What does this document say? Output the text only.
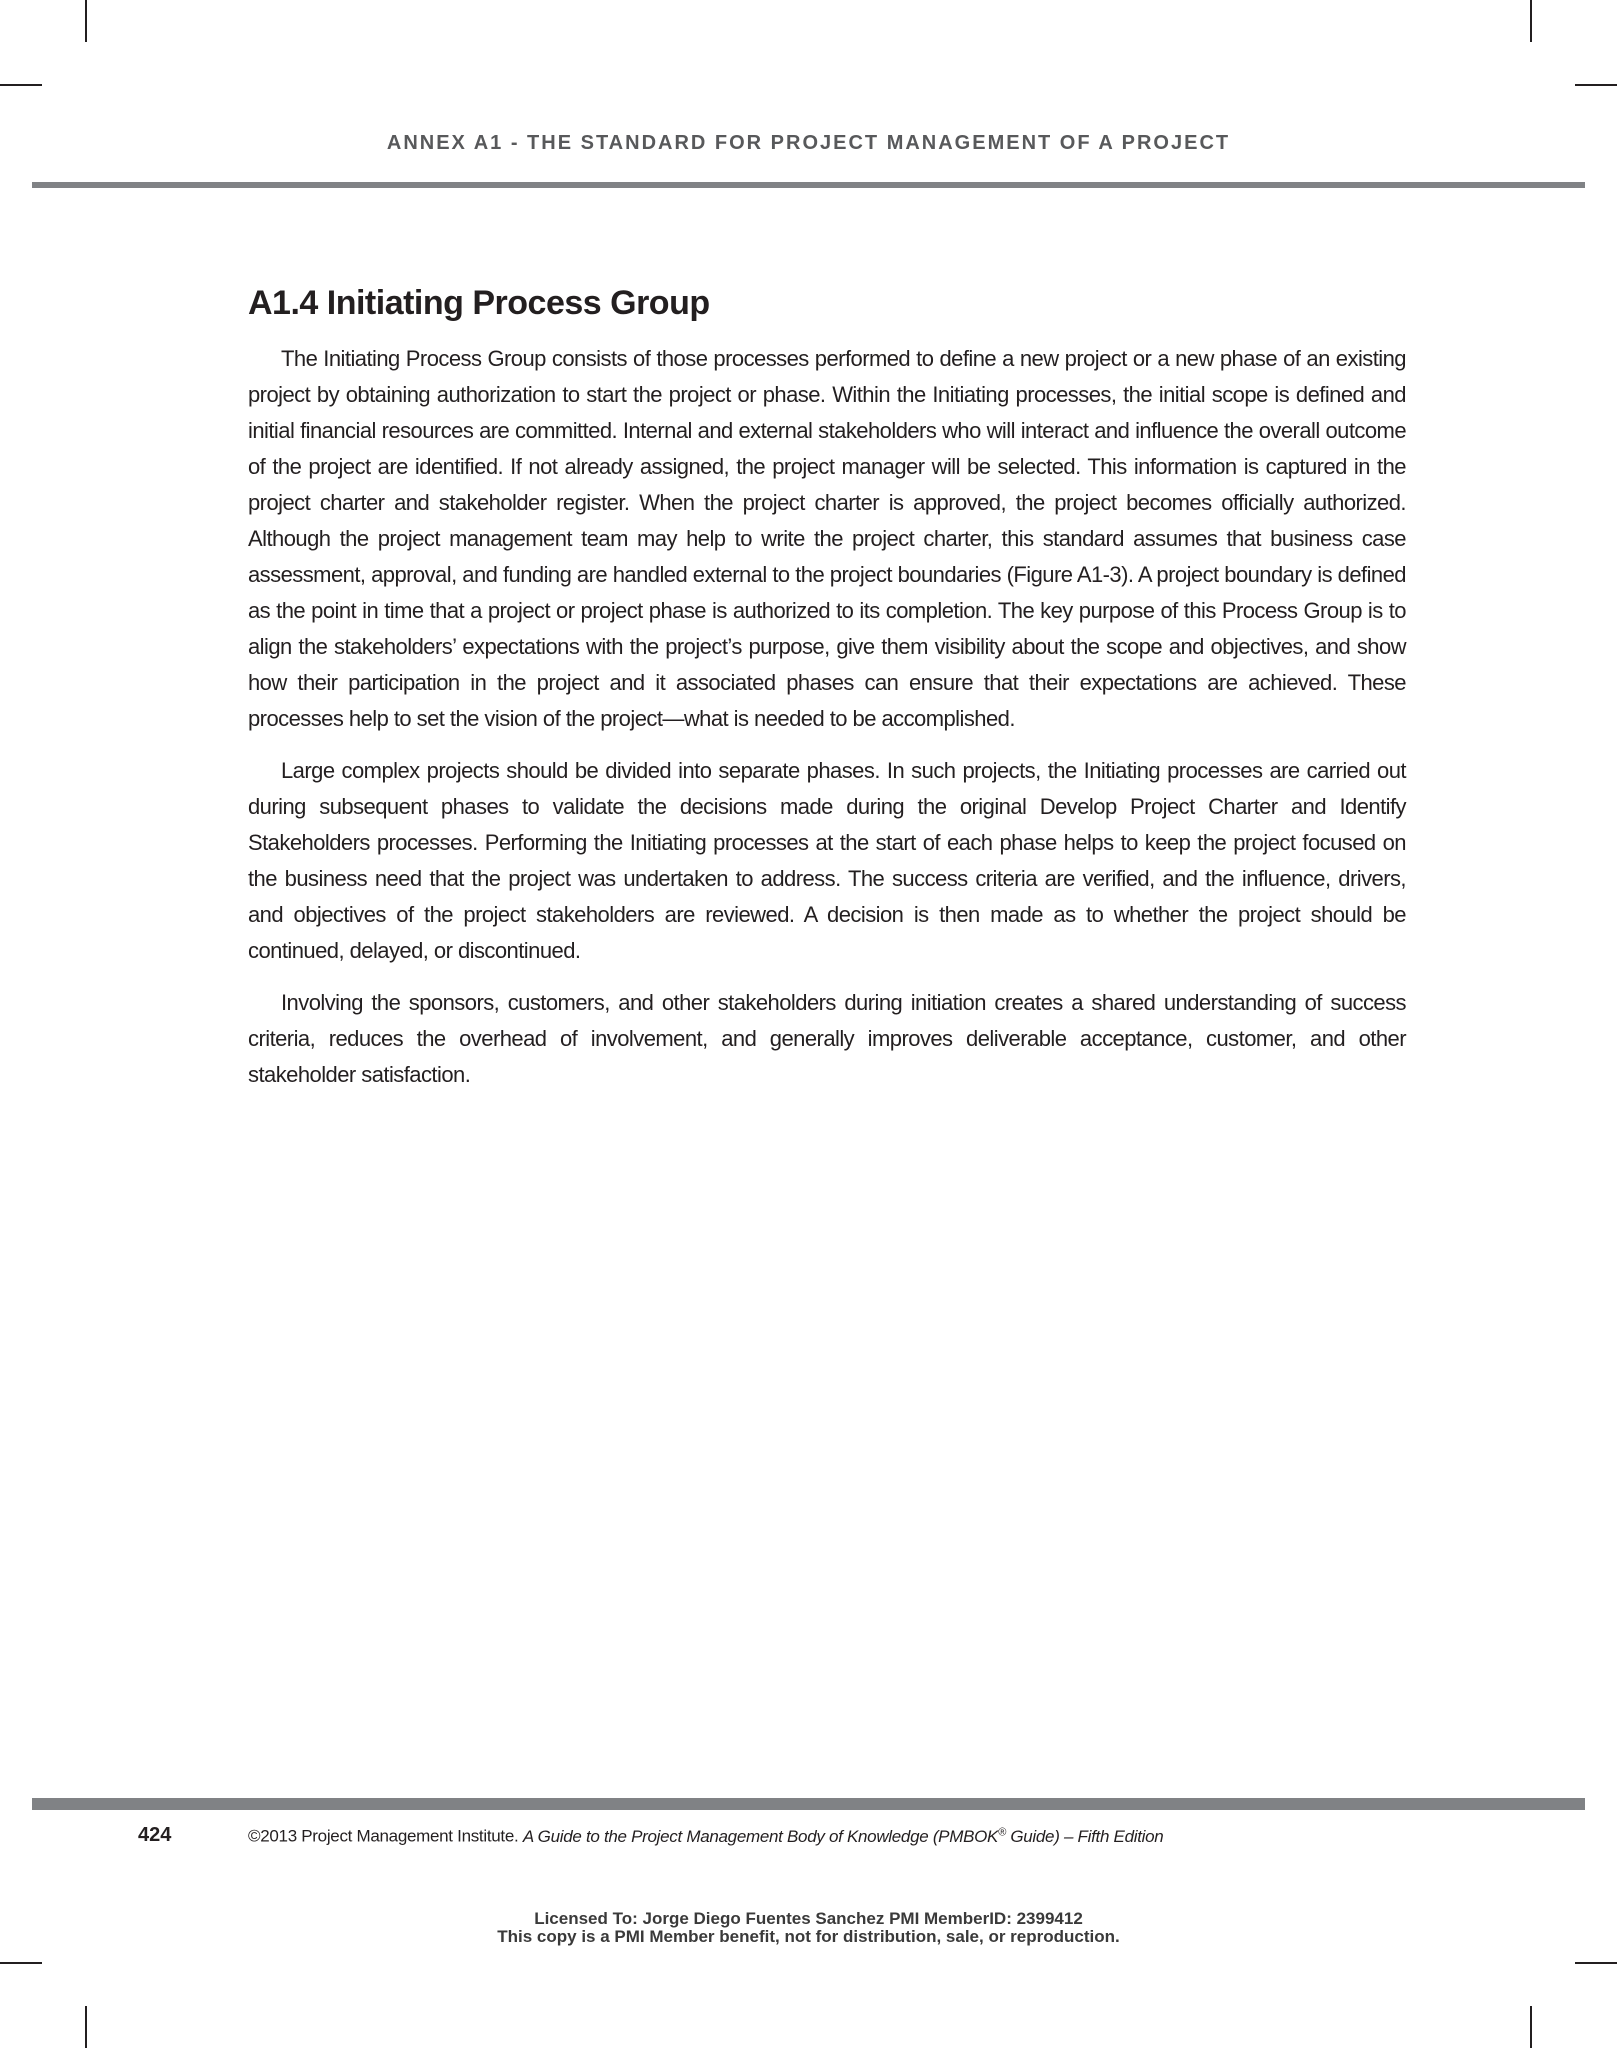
ANNEX A1 - THE STANDARD FOR PROJECT MANAGEMENT OF A PROJECT
A1.4 Initiating Process Group

The Initiating Process Group consists of those processes performed to define a new project or a new phase of an existing project by obtaining authorization to start the project or phase. Within the Initiating processes, the initial scope is defined and initial financial resources are committed. Internal and external stakeholders who will interact and influence the overall outcome of the project are identified. If not already assigned, the project manager will be selected. This information is captured in the project charter and stakeholder register. When the project charter is approved, the project becomes officially authorized. Although the project management team may help to write the project charter, this standard assumes that business case assessment, approval, and funding are handled external to the project boundaries (Figure A1-3). A project boundary is defined as the point in time that a project or project phase is authorized to its completion. The key purpose of this Process Group is to align the stakeholders’ expectations with the project’s purpose, give them visibility about the scope and objectives, and show how their participation in the project and it associated phases can ensure that their expectations are achieved. These processes help to set the vision of the project—what is needed to be accomplished.

Large complex projects should be divided into separate phases. In such projects, the Initiating processes are carried out during subsequent phases to validate the decisions made during the original Develop Project Charter and Identify Stakeholders processes. Performing the Initiating processes at the start of each phase helps to keep the project focused on the business need that the project was undertaken to address. The success criteria are verified, and the influence, drivers, and objectives of the project stakeholders are reviewed. A decision is then made as to whether the project should be continued, delayed, or discontinued.

Involving the sponsors, customers, and other stakeholders during initiation creates a shared understanding of success criteria, reduces the overhead of involvement, and generally improves deliverable acceptance, customer, and other stakeholder satisfaction.

424	©2013 Project Management Institute. A Guide to the Project Management Body of Knowledge (PMBOK® Guide) – Fifth Edition
Licensed To: Jorge Diego Fuentes Sanchez PMI MemberID: 2399412
This copy is a PMI Member benefit, not for distribution, sale, or reproduction.
